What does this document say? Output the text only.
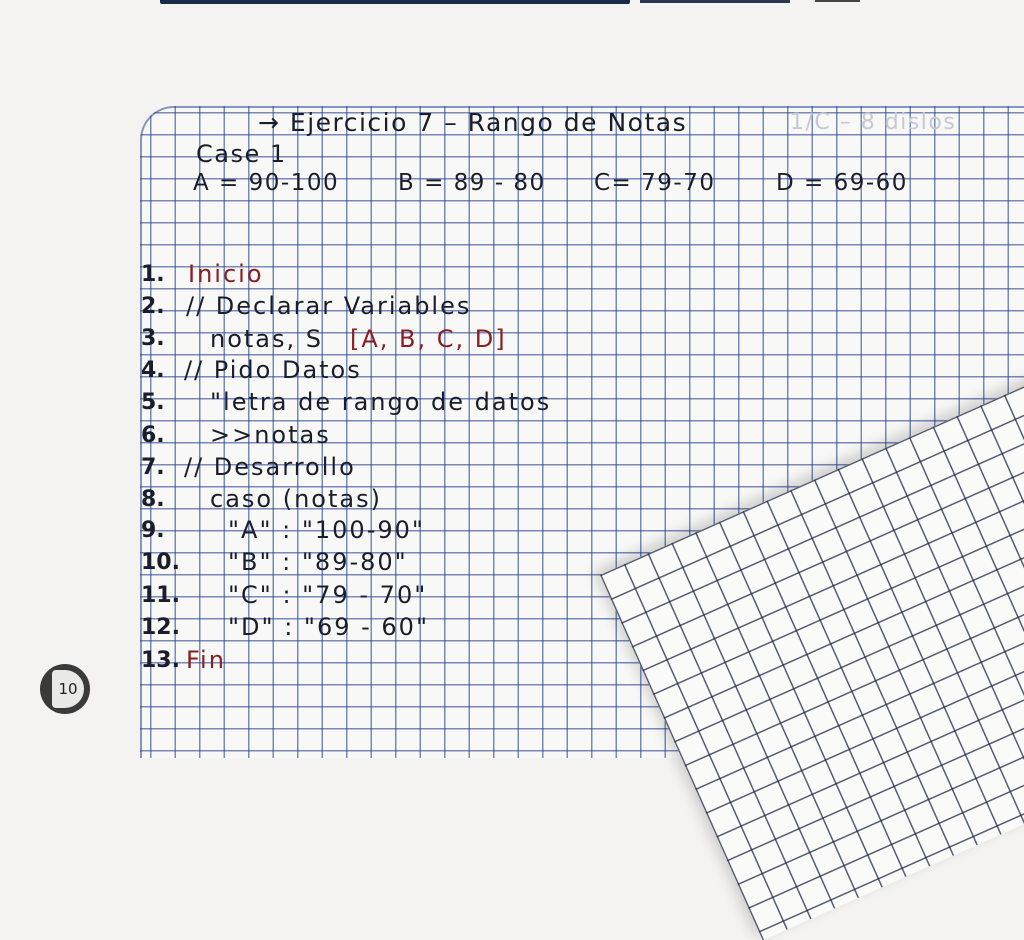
→ Ejercicio 7 – Rango de Notas	1/C – 8 dislos
Case 1
A = 90-100	B = 89 - 80 C= 79-70	D = 69-60
1. Inicio
2. // Declarar Variables
3. notas, S [A, B, C, D]
4. // Pido Datos
5. "letra de rango de datos
6. >>notas
7. // Desarrollo
8. caso (notas)
9.	"A" : "100-90"
10. "B" : "89-80"
11. "C" : "79 - 70"
12. "D" : "69 - 60"
13. Fin
10
